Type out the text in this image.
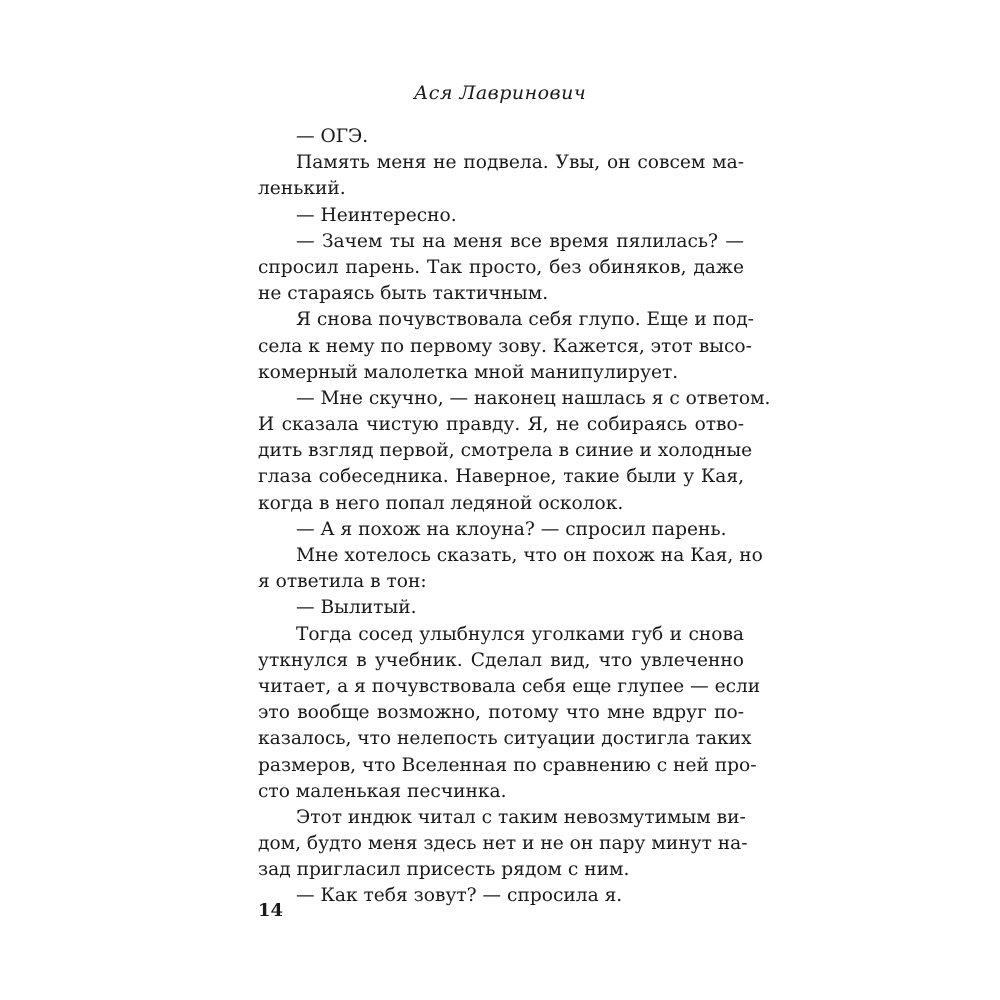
Ася Лавринович
— ОГЭ.
Память меня не подвела. Увы, он совсем ма-
ленький.
— Неинтересно.
— Зачем ты на меня все время пялилась? —
спросил парень. Так просто, без обиняков, даже
не стараясь быть тактичным.
Я снова почувствовала себя глупо. Еще и под-
села к нему по первому зову. Кажется, этот высо-
комерный малолетка мной манипулирует.
— Мне скучно, — наконец нашлась я с ответом.
И сказала чистую правду. Я, не собираясь отво-
дить взгляд первой, смотрела в синие и холодные
глаза собеседника. Наверное, такие были у Кая,
когда в него попал ледяной осколок.
— А я похож на клоуна? — спросил парень.
Мне хотелось сказать, что он похож на Кая, но
я ответила в тон:
— Вылитый.
Тогда сосед улыбнулся уголками губ и снова
уткнулся в учебник. Сделал вид, что увлеченно
читает, а я почувствовала себя еще глупее — если
это вообще возможно, потому что мне вдруг по-
казалось, что нелепость ситуации достигла таких
размеров, что Вселенная по сравнению с ней про-
сто маленькая песчинка.
Этот индюк читал с таким невозмутимым ви-
дом, будто меня здесь нет и не он пару минут на-
зад пригласил присесть рядом с ним.
— Как тебя зовут? — спросила я.
14
